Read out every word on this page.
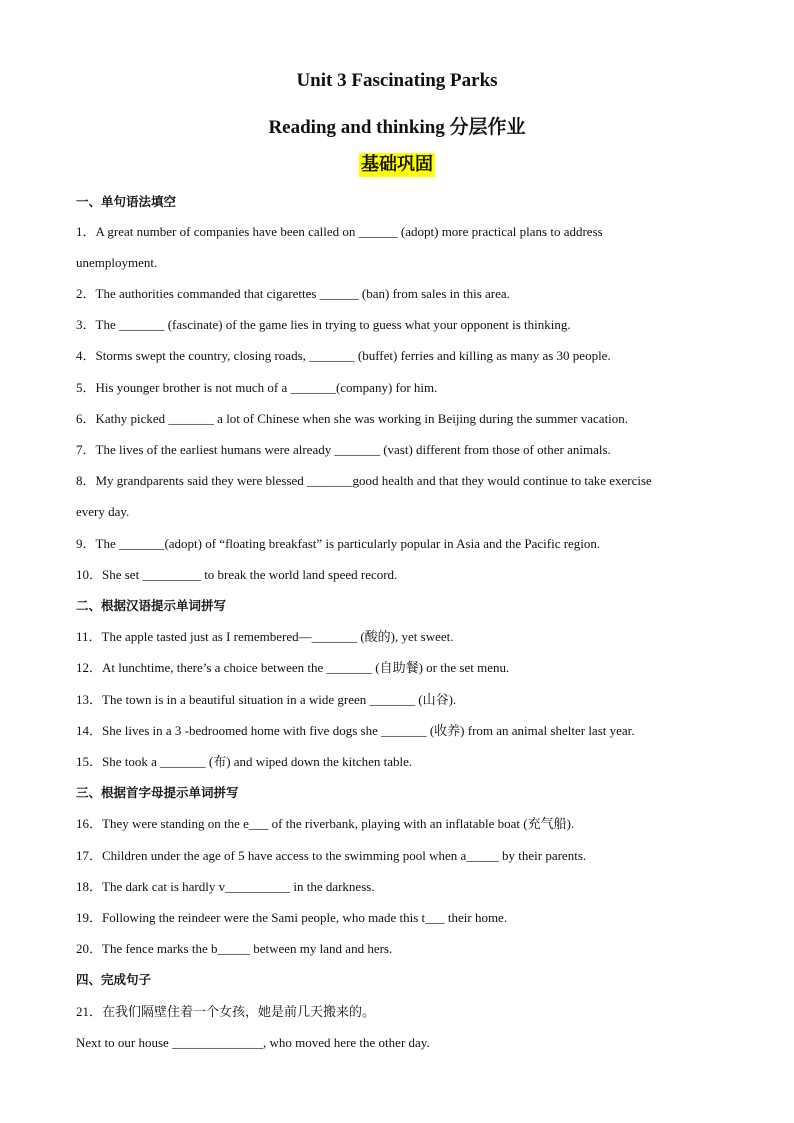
Unit 3 Fascinating Parks
Reading and thinking 分层作业
基础巩固
一、单句语法填空
1．A great number of companies have been called on ______ (adopt) more practical plans to address
unemployment.
2．The authorities commanded that cigarettes ______ (ban) from sales in this area.
3．The _______ (fascinate) of the game lies in trying to guess what your opponent is thinking.
4．Storms swept the country, closing roads, _______ (buffet) ferries and killing as many as 30 people.
5．His younger brother is not much of a _______(company) for him.
6．Kathy picked _______ a lot of Chinese when she was working in Beijing during the summer vacation.
7．The lives of the earliest humans were already _______ (vast) different from those of other animals.
8．My grandparents said they were blessed _______good health and that they would continue to take exercise
every day.
9．The _______(adopt) of “floating breakfast” is particularly popular in Asia and the Pacific region.
10．She set _________ to break the world land speed record.
二、根据汉语提示单词拼写
11．The apple tasted just as I remembered—_______ (酸的), yet sweet.
12．At lunchtime, there’s a choice between the _______ (自助餐) or the set menu.
13．The town is in a beautiful situation in a wide green _______ (山谷).
14．She lives in a 3 -bedroomed home with five dogs she _______ (收养) from an animal shelter last year.
15．She took a _______ (布) and wiped down the kitchen table.
三、根据首字母提示单词拼写
16．They were standing on the e___ of the riverbank, playing with an inflatable boat (充气船).
17．Children under the age of 5 have access to the swimming pool when a_____ by their parents.
18．The dark cat is hardly v__________ in the darkness.
19．Following the reindeer were the Sami people, who made this t___ their home.
20．The fence marks the b_____ between my land and hers.
四、完成句子
21．在我们隔壁住着一个女孩，她是前几天搬来的。
Next to our house ______________, who moved here the other day.
